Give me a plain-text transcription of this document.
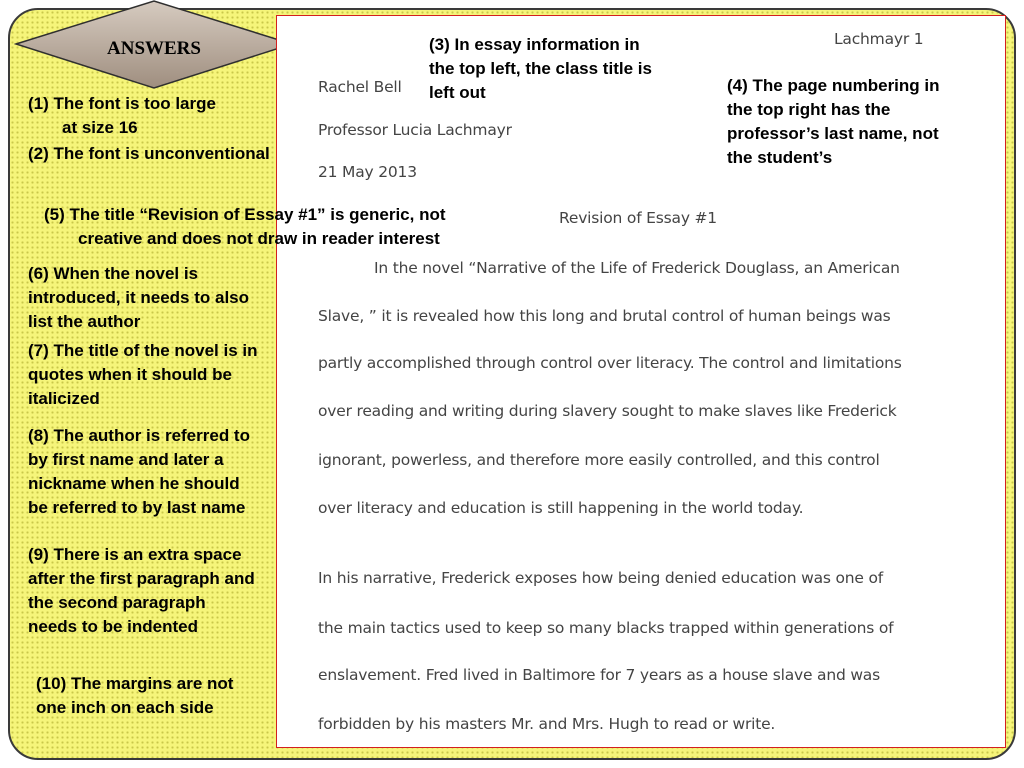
ANSWERS	Lachmayr 1
Rachel Bell
Professor Lucia Lachmayr
21 May 2013
Revision of Essay #1
In the novel “Narrative of the Life of Frederick Douglass, an American
Slave, ” it is revealed how this long and brutal control of human beings was
partly accomplished through control over literacy. The control and limitations
over reading and writing during slavery sought to make slaves like Frederick
ignorant, powerless, and therefore more easily controlled, and this control
over literacy and education is still happening in the world today.
In his narrative, Frederick exposes how being denied education was one of
the main tactics used to keep so many blacks trapped within generations of
enslavement. Fred lived in Baltimore for 7 years as a house slave and was
forbidden by his masters Mr. and Mrs. Hugh to read or write.
(1) The font is too large
at size 16
(2) The font is unconventional
(3) In essay information in
the top left, the class title is
left out	(4) The page numbering in
the top right has the
professor’s last name, not
the student’s
(5) The title “Revision of Essay #1” is generic, not
creative and does not draw in reader interest
(6) When the novel is
introduced, it needs to also
list the author
(7) The title of the novel is in
quotes when it should be
italicized
(8) The author is referred to
by first name and later a
nickname when he should
be referred to by last name
(9) There is an extra space
after the first paragraph and
the second paragraph
needs to be indented
(10) The margins are not
one inch on each side
